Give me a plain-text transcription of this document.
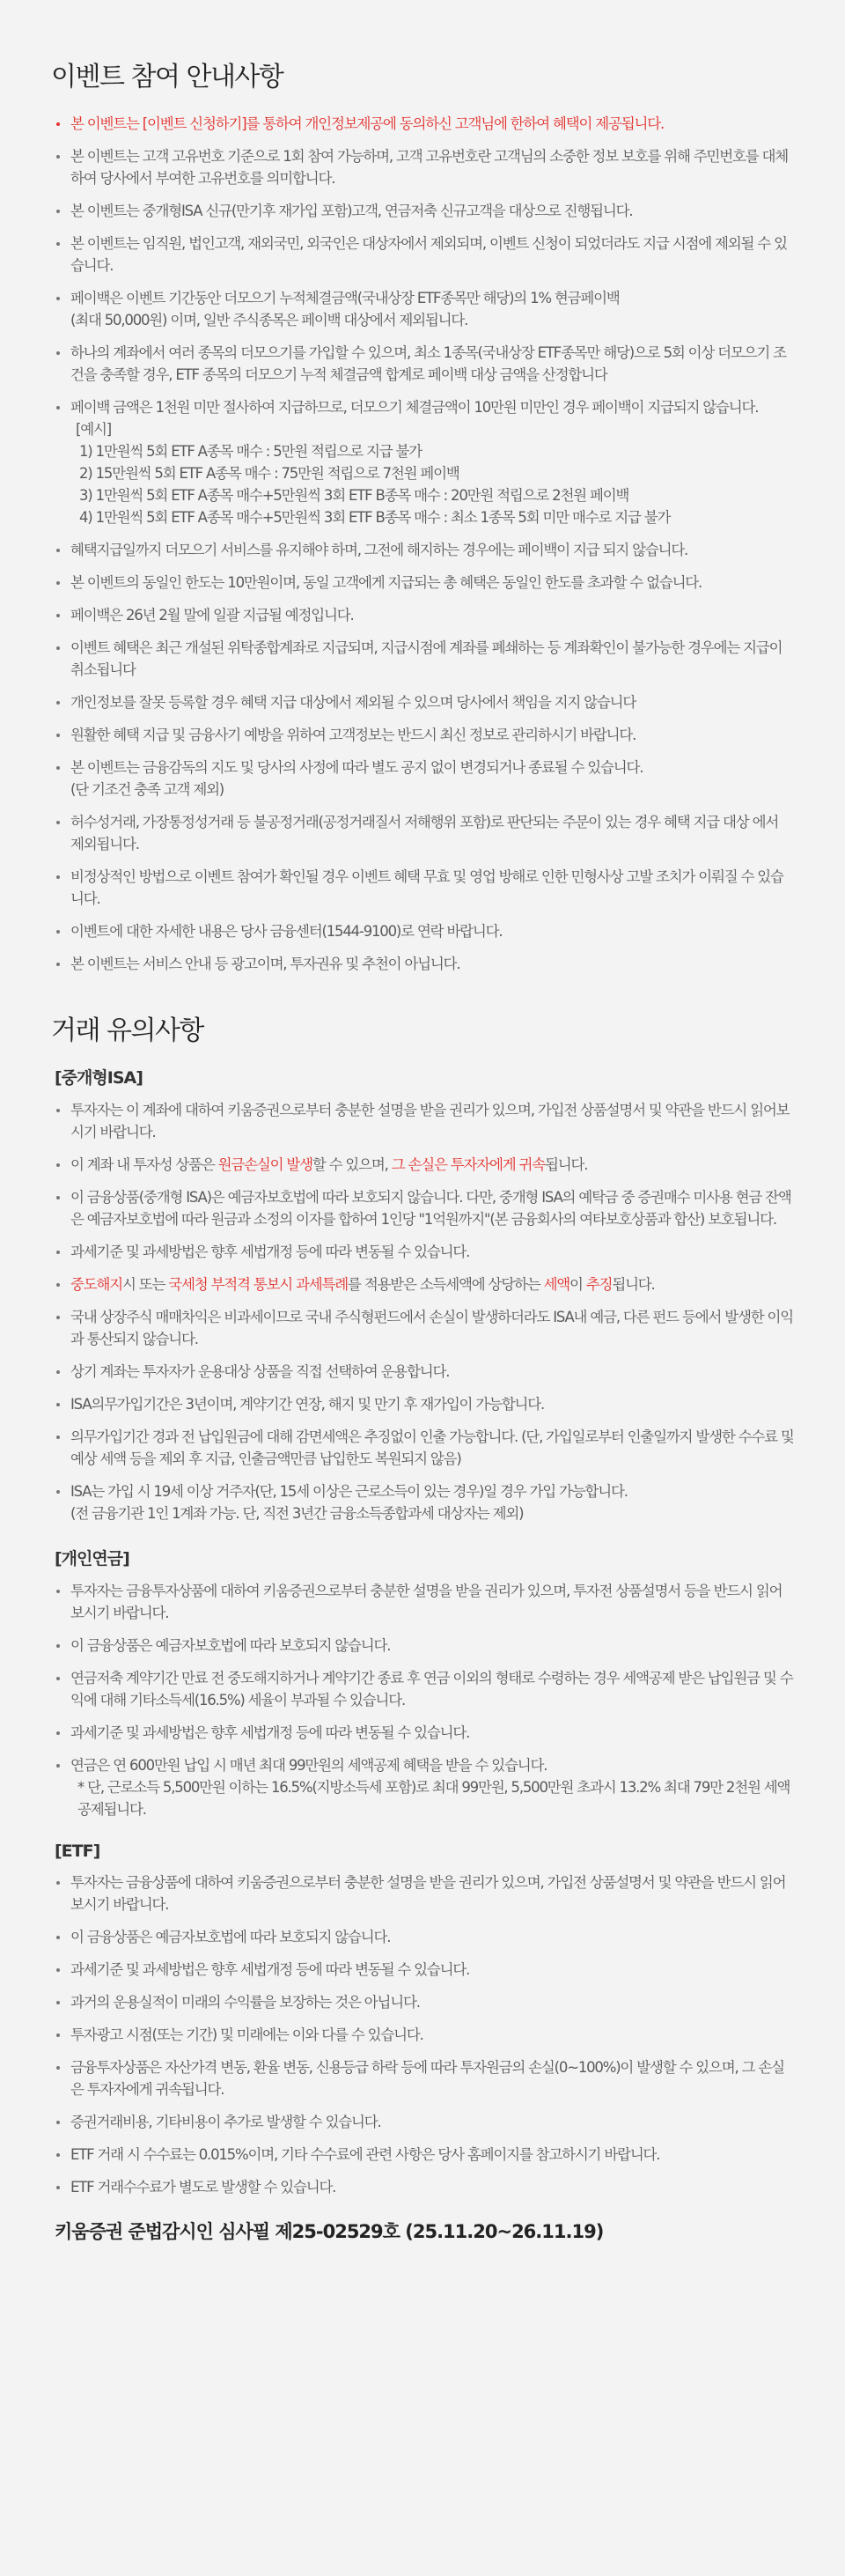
이벤트 참여 안내사항
본 이벤트는 [이벤트 신청하기]를 통하여 개인정보제공에 동의하신 고객님에 한하여 혜택이 제공됩니다.
본 이벤트는 고객 고유번호 기준으로 1회 참여 가능하며, 고객 고유번호란 고객님의 소중한 정보 보호를 위해 주민번호를 대체하여 당사에서 부여한 고유번호를 의미합니다.
본 이벤트는 중개형ISA 신규(만기후 재가입 포함)고객, 연금저축 신규고객을 대상으로 진행됩니다.
본 이벤트는 임직원, 법인고객, 재외국민, 외국인은 대상자에서 제외되며, 이벤트 신청이 되었더라도 지급 시점에 제외될 수 있습니다.
페이백은 이벤트 기간동안 더모으기 누적체결금액(국내상장 ETF종목만 해당)의 1% 현금페이백
(최대 50,000원) 이며, 일반 주식종목은 페이백 대상에서 제외됩니다.
하나의 계좌에서 여러 종목의 더모으기를 가입할 수 있으며, 최소 1종목(국내상장 ETF종목만 해당)으로 5회 이상 더모으기 조건을 충족할 경우, ETF 종목의 더모으기 누적 체결금액 합계로 페이백 대상 금액을 산정합니다
페이백 금액은 1천원 미만 절사하여 지급하므로, 더모으기 체결금액이 10만원 미만인 경우 페이백이 지급되지 않습니다.
[예시]
1) 1만원씩 5회 ETF A종목 매수 : 5만원 적립으로 지급 불가
2) 15만원씩 5회 ETF A종목 매수 : 75만원 적립으로 7천원 페이백
3) 1만원씩 5회 ETF A종목 매수+5만원씩 3회 ETF B종목 매수 : 20만원 적립으로 2천원 페이백
4) 1만원씩 5회 ETF A종목 매수+5만원씩 3회 ETF B종목 매수 : 최소 1종목 5회 미만 매수로 지급 불가
혜택지급일까지 더모으기 서비스를 유지해야 하며, 그전에 해지하는 경우에는 페이백이 지급 되지 않습니다.
본 이벤트의 동일인 한도는 10만원이며, 동일 고객에게 지급되는 총 혜택은 동일인 한도를 초과할 수 없습니다.
페이백은 26년 2월 말에 일괄 지급될 예정입니다.
이벤트 혜택은 최근 개설된 위탁종합계좌로 지급되며, 지급시점에 계좌를 폐쇄하는 등 계좌확인이 불가능한 경우에는 지급이 취소됩니다
개인정보를 잘못 등록할 경우 혜택 지급 대상에서 제외될 수 있으며 당사에서 책임을 지지 않습니다
원활한 혜택 지급 및 금융사기 예방을 위하여 고객정보는 반드시 최신 정보로 관리하시기 바랍니다.
본 이벤트는 금융감독의 지도 및 당사의 사정에 따라 별도 공지 없이 변경되거나 종료될 수 있습니다.
(단 기조건 충족 고객 제외)
허수성거래, 가장통정성거래 등 불공정거래(공정거래질서 저해행위 포함)로 판단되는 주문이 있는 경우 혜택 지급 대상 에서 제외됩니다.
비정상적인 방법으로 이벤트 참여가 확인될 경우 이벤트 혜택 무효 및 영업 방해로 인한 민형사상 고발 조치가 이뤄질 수 있습니다.
이벤트에 대한 자세한 내용은 당사 금융센터(1544-9100)로 연락 바랍니다.
본 이벤트는 서비스 안내 등 광고이며, 투자권유 및 추천이 아닙니다.
거래 유의사항
[중개형ISA]
투자자는 이 계좌에 대하여 키움증권으로부터 충분한 설명을 받을 권리가 있으며, 가입전 상품설명서 및 약관을 반드시 읽어보시기 바랍니다.
이 계좌 내 투자성 상품은 원금손실이 발생할 수 있으며, 그 손실은 투자자에게 귀속됩니다.
이 금융상품(중개형 ISA)은 예금자보호법에 따라 보호되지 않습니다. 다만, 중개형 ISA의 예탁금 중 증권매수 미사용 현금 잔액은 예금자보호법에 따라 원금과 소정의 이자를 합하여 1인당 "1억원까지"(본 금융회사의 여타보호상품과 합산) 보호됩니다.
과세기준 및 과세방법은 향후 세법개정 등에 따라 변동될 수 있습니다.
중도해지시 또는 국세청 부적격 통보시 과세특례를 적용받은 소득세액에 상당하는 세액이 추징됩니다.
국내 상장주식 매매차익은 비과세이므로 국내 주식형펀드에서 손실이 발생하더라도 ISA내 예금, 다른 펀드 등에서 발생한 이익과 통산되지 않습니다.
상기 계좌는 투자자가 운용대상 상품을 직접 선택하여 운용합니다.
ISA의무가입기간은 3년이며, 계약기간 연장, 해지 및 만기 후 재가입이 가능합니다.
의무가입기간 경과 전 납입원금에 대해 감면세액은 추징없이 인출 가능합니다. (단, 가입일로부터 인출일까지 발생한 수수료 및 예상 세액 등을 제외 후 지급, 인출금액만큼 납입한도 복원되지 않음)
ISA는 가입 시 19세 이상 거주자(단, 15세 이상은 근로소득이 있는 경우)일 경우 가입 가능합니다.
(전 금융기관 1인 1계좌 가능. 단, 직전 3년간 금융소득종합과세 대상자는 제외)
[개인연금]
투자자는 금융투자상품에 대하여 키움증권으로부터 충분한 설명을 받을 권리가 있으며, 투자전 상품설명서 등을 반드시 읽어보시기 바랍니다.
이 금융상품은 예금자보호법에 따라 보호되지 않습니다.
연금저축 계약기간 만료 전 중도해지하거나 계약기간 종료 후 연금 이외의 형태로 수령하는 경우 세액공제 받은 납입원금 및 수익에 대해 기타소득세(16.5%) 세율이 부과될 수 있습니다.
과세기준 및 과세방법은 향후 세법개정 등에 따라 변동될 수 있습니다.
연금은 연 600만원 납입 시 매년 최대 99만원의 세액공제 혜택을 받을 수 있습니다.
* 단, 근로소득 5,500만원 이하는 16.5%(지방소득세 포함)로 최대 99만원, 5,500만원 초과시 13.2% 최대 79만 2천원 세액공제됩니다.
[ETF]
투자자는 금융상품에 대하여 키움증권으로부터 충분한 설명을 받을 권리가 있으며, 가입전 상품설명서 및 약관을 반드시 읽어보시기 바랍니다.
이 금융상품은 예금자보호법에 따라 보호되지 않습니다.
과세기준 및 과세방법은 향후 세법개정 등에 따라 변동될 수 있습니다.
과거의 운용실적이 미래의 수익률을 보장하는 것은 아닙니다.
투자광고 시점(또는 기간) 및 미래에는 이와 다를 수 있습니다.
금융투자상품은 자산가격 변동, 환율 변동, 신용등급 하락 등에 따라 투자원금의 손실(0~100%)이 발생할 수 있으며, 그 손실은 투자자에게 귀속됩니다.
증권거래비용, 기타비용이 추가로 발생할 수 있습니다.
ETF 거래 시 수수료는 0.015%이며, 기타 수수료에 관련 사항은 당사 홈페이지를 참고하시기 바랍니다.
ETF 거래수수료가 별도로 발생할 수 있습니다.
키움증권 준법감시인 심사필 제25-02529호 (25.11.20~26.11.19)
